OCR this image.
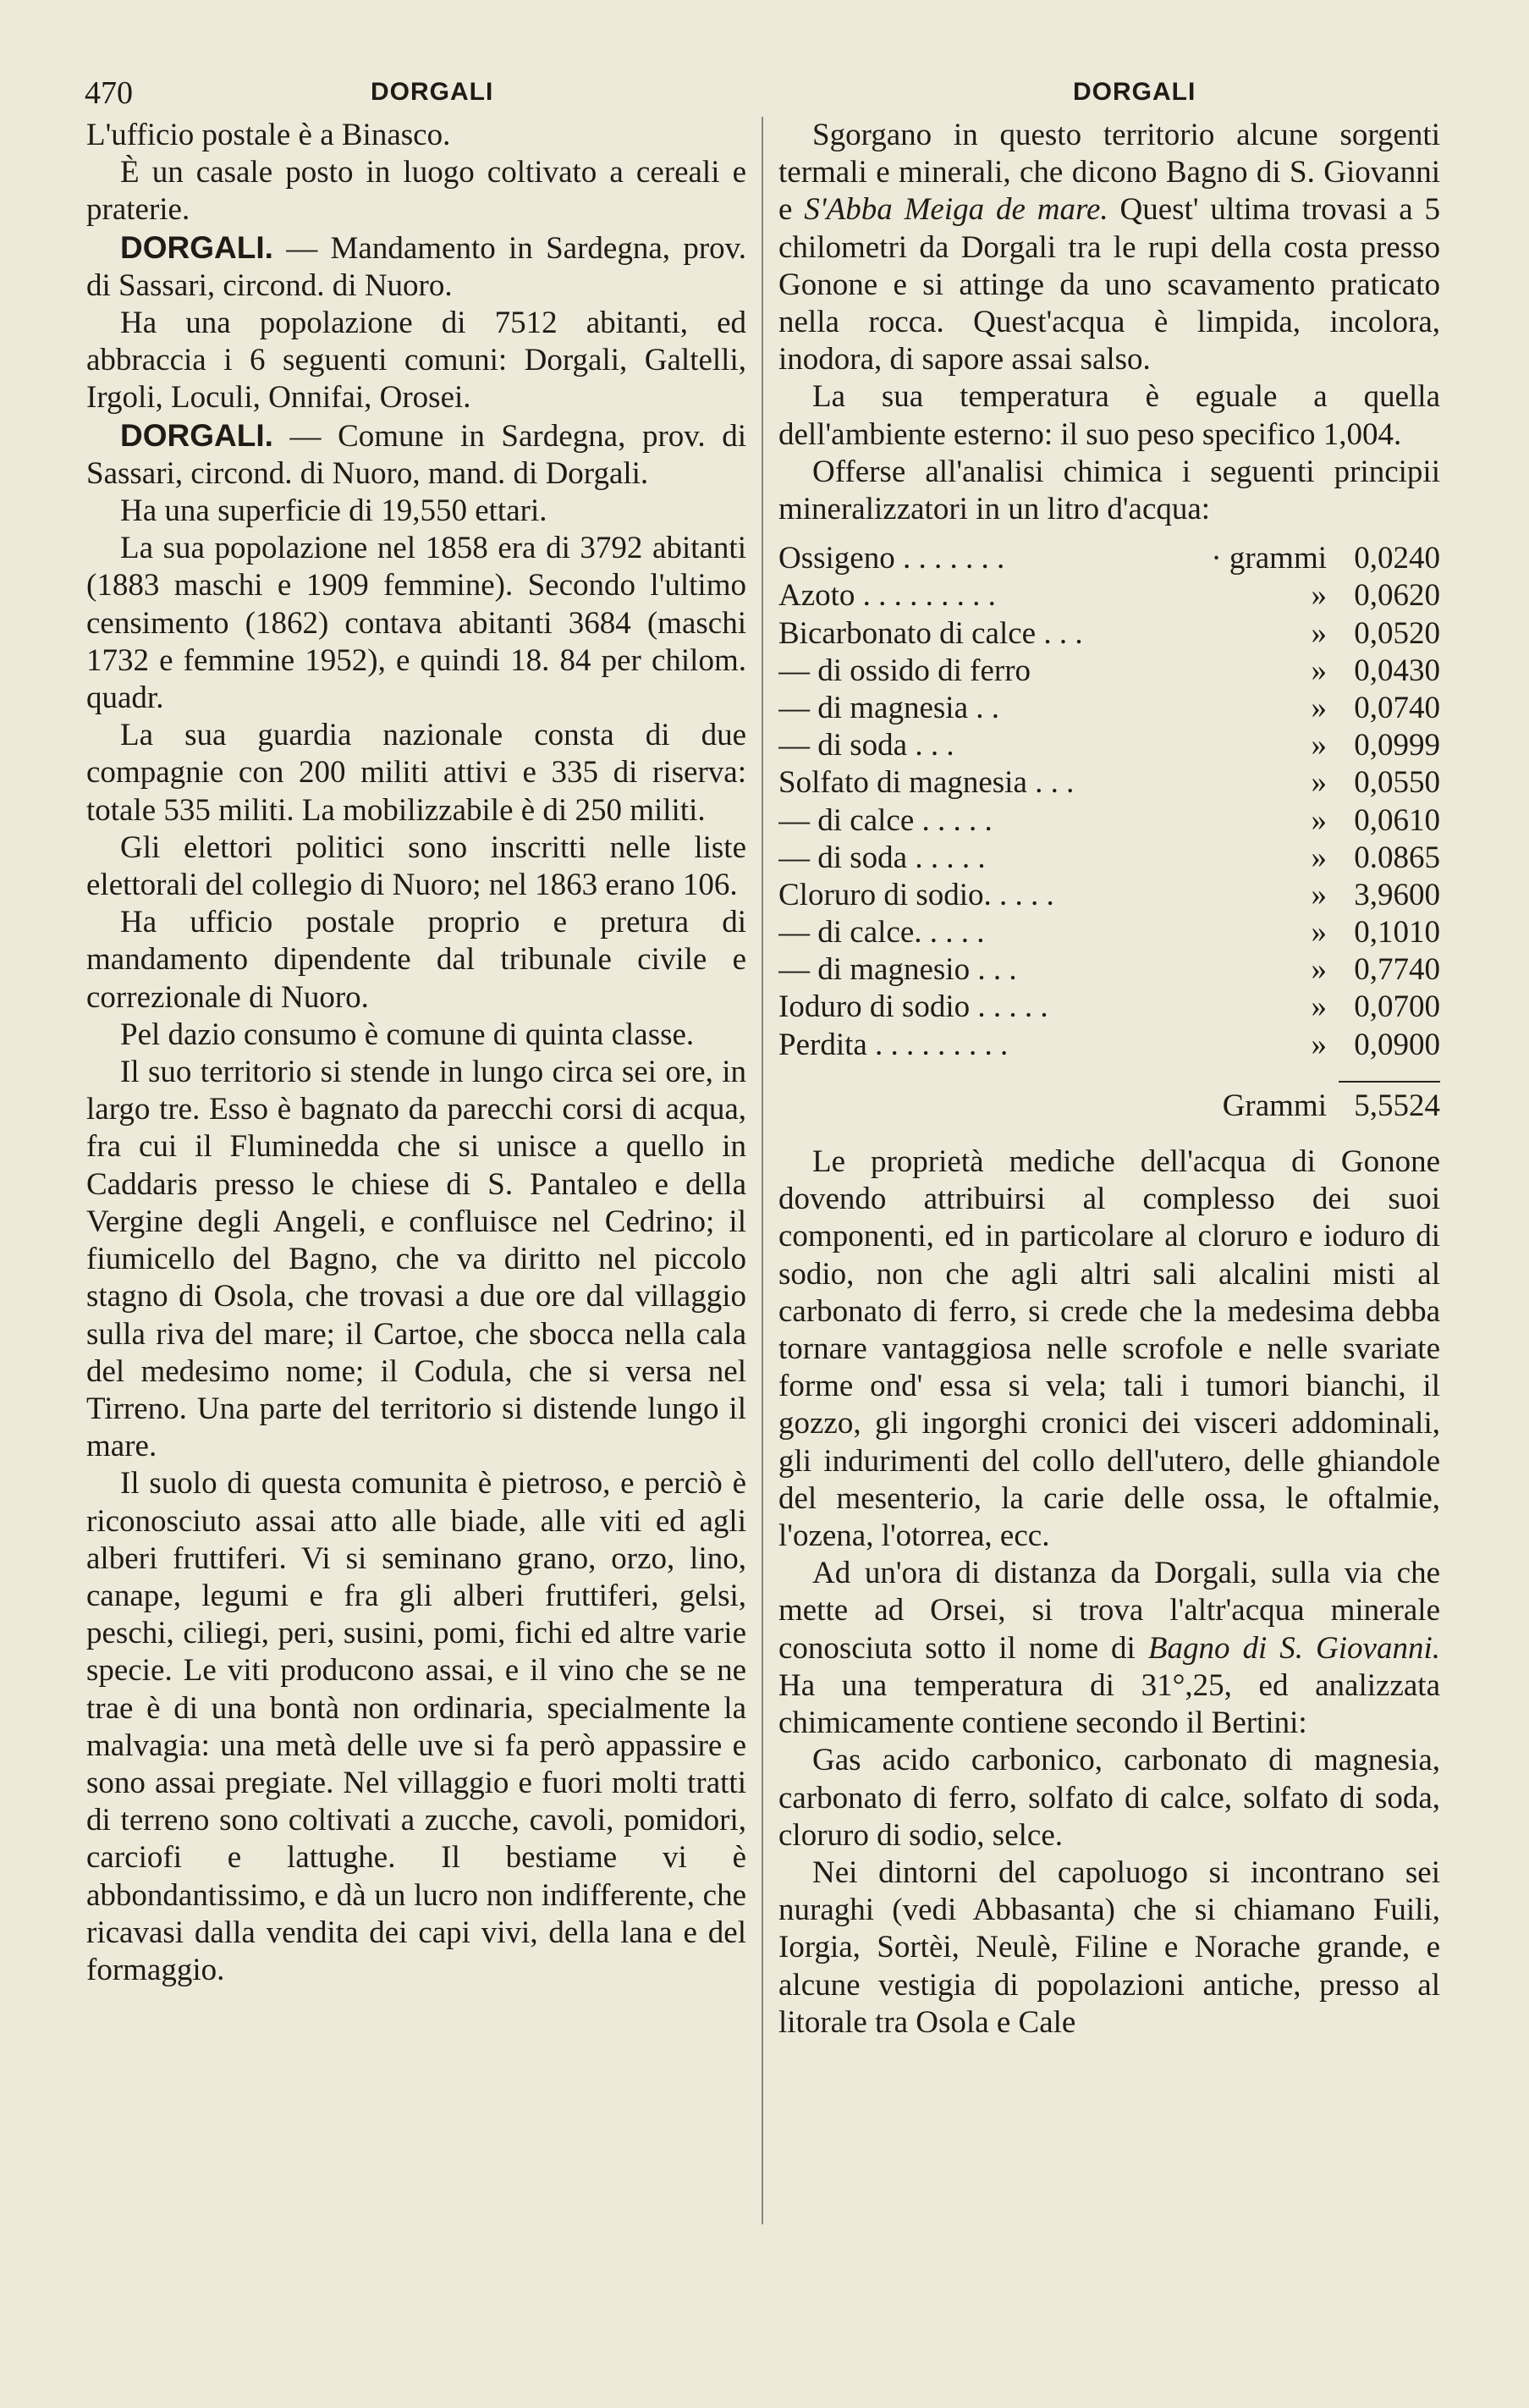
470	DORGALI	DORGALI

L'ufficio postale è a Binasco.

È un casale posto in luogo coltivato a cereali e praterie.

DORGALI. — Mandamento in Sardegna, prov. di Sassari, circond. di Nuoro.

Ha una popolazione di 7512 abitanti, ed abbraccia i 6 seguenti comuni: Dorgali, Galtelli, Irgoli, Loculi, Onnifai, Orosei.

DORGALI. — Comune in Sardegna, prov. di Sassari, circond. di Nuoro, mand. di Dorgali.

Ha una superficie di 19,550 ettari.

La sua popolazione nel 1858 era di 3792 abitanti (1883 maschi e 1909 femmine). Secondo l'ultimo censimento (1862) contava abitanti 3684 (maschi 1732 e femmine 1952), e quindi 18. 84 per chilom. quadr.

La sua guardia nazionale consta di due compagnie con 200 militi attivi e 335 di riserva: totale 535 militi. La mobilizzabile è di 250 militi.

Gli elettori politici sono inscritti nelle liste elettorali del collegio di Nuoro; nel 1863 erano 106.

Ha ufficio postale proprio e pretura di mandamento dipendente dal tribunale civile e correzionale di Nuoro.

Pel dazio consumo è comune di quinta classe.

Il suo territorio si stende in lungo circa sei ore, in largo tre. Esso è bagnato da parecchi corsi di acqua, fra cui il Fluminedda che si unisce a quello in Caddaris presso le chiese di S. Pantaleo e della Vergine degli Angeli, e confluisce nel Cedrino; il fiumicello del Bagno, che va diritto nel piccolo stagno di Osola, che trovasi a due ore dal villaggio sulla riva del mare; il Cartoe, che sbocca nella cala del medesimo nome; il Codula, che si versa nel Tirreno. Una parte del territorio si distende lungo il mare.

Il suolo di questa comunita è pietroso, e perciò è riconosciuto assai atto alle biade, alle viti ed agli alberi fruttiferi. Vi si seminano grano, orzo, lino, canape, legumi e fra gli alberi fruttiferi, gelsi, peschi, ciliegi, peri, susini, pomi, fichi ed altre varie specie. Le viti producono assai, e il vino che se ne trae è di una bontà non ordinaria, specialmente la malvagia: una metà delle uve si fa però appassire e sono assai pregiate. Nel villaggio e fuori molti tratti di terreno sono coltivati a zucche, cavoli, pomidori, carciofi e lattughe. Il bestiame vi è abbondantissimo, e dà un lucro non indifferente, che ricavasi dalla vendita dei capi vivi, della lana e del formaggio.

Sgorgano in questo territorio alcune sorgenti termali e minerali, che dicono Bagno di S. Giovanni e S'Abba Meiga de mare. Quest' ultima trovasi a 5 chilometri da Dorgali tra le rupi della costa presso Gonone e si attinge da uno scavamento praticato nella rocca. Quest'acqua è limpida, incolora, inodora, di sapore assai salso.

La sua temperatura è eguale a quella dell'ambiente esterno: il suo peso specifico 1,004.

Offerse all'analisi chimica i seguenti principii mineralizzatori in un litro d'acqua:

Ossigeno . . . . . . .	· grammi 0,0240
Azoto . . . . . . . . .	» 0,0620
Bicarbonato di calce . . .	» 0,0520
— di ossido di ferro	» 0,0430
— di magnesia . .	» 0,0740
— di soda . . .	» 0,0999
Solfato di magnesia . . .	» 0,0550
— di calce . . . . .	» 0,0610
— di soda . . . . .	» 0.0865
Cloruro di sodio. . . . .	» 3,9600
— di calce. . . . .	» 0,1010
— di magnesio . . .	» 0,7740
Ioduro di sodio . . . . .	» 0,0700
Perdita . . . . . . . . .	» 0,0900
Grammi 5,5524

Le proprietà mediche dell'acqua di Gonone dovendo attribuirsi al complesso dei suoi componenti, ed in particolare al cloruro e ioduro di sodio, non che agli altri sali alcalini misti al carbonato di ferro, si crede che la medesima debba tornare vantaggiosa nelle scrofole e nelle svariate forme ond' essa si vela; tali i tumori bianchi, il gozzo, gli ingorghi cronici dei visceri addominali, gli indurimenti del collo dell'utero, delle ghiandole del mesenterio, la carie delle ossa, le oftalmie, l'ozena, l'otorrea, ecc.

Ad un'ora di distanza da Dorgali, sulla via che mette ad Orsei, si trova l'altr'acqua minerale conosciuta sotto il nome di Bagno di S. Giovanni. Ha una temperatura di 31°,25, ed analizzata chimicamente contiene secondo il Bertini:

Gas acido carbonico, carbonato di magnesia, carbonato di ferro, solfato di calce, solfato di soda, cloruro di sodio, selce.

Nei dintorni del capoluogo si incontrano sei nuraghi (vedi Abbasanta) che si chiamano Fuili, Iorgia, Sortèi, Neulè, Filine e Norache grande, e alcune vestigia di popolazioni antiche, presso al litorale tra Osola e Cale
